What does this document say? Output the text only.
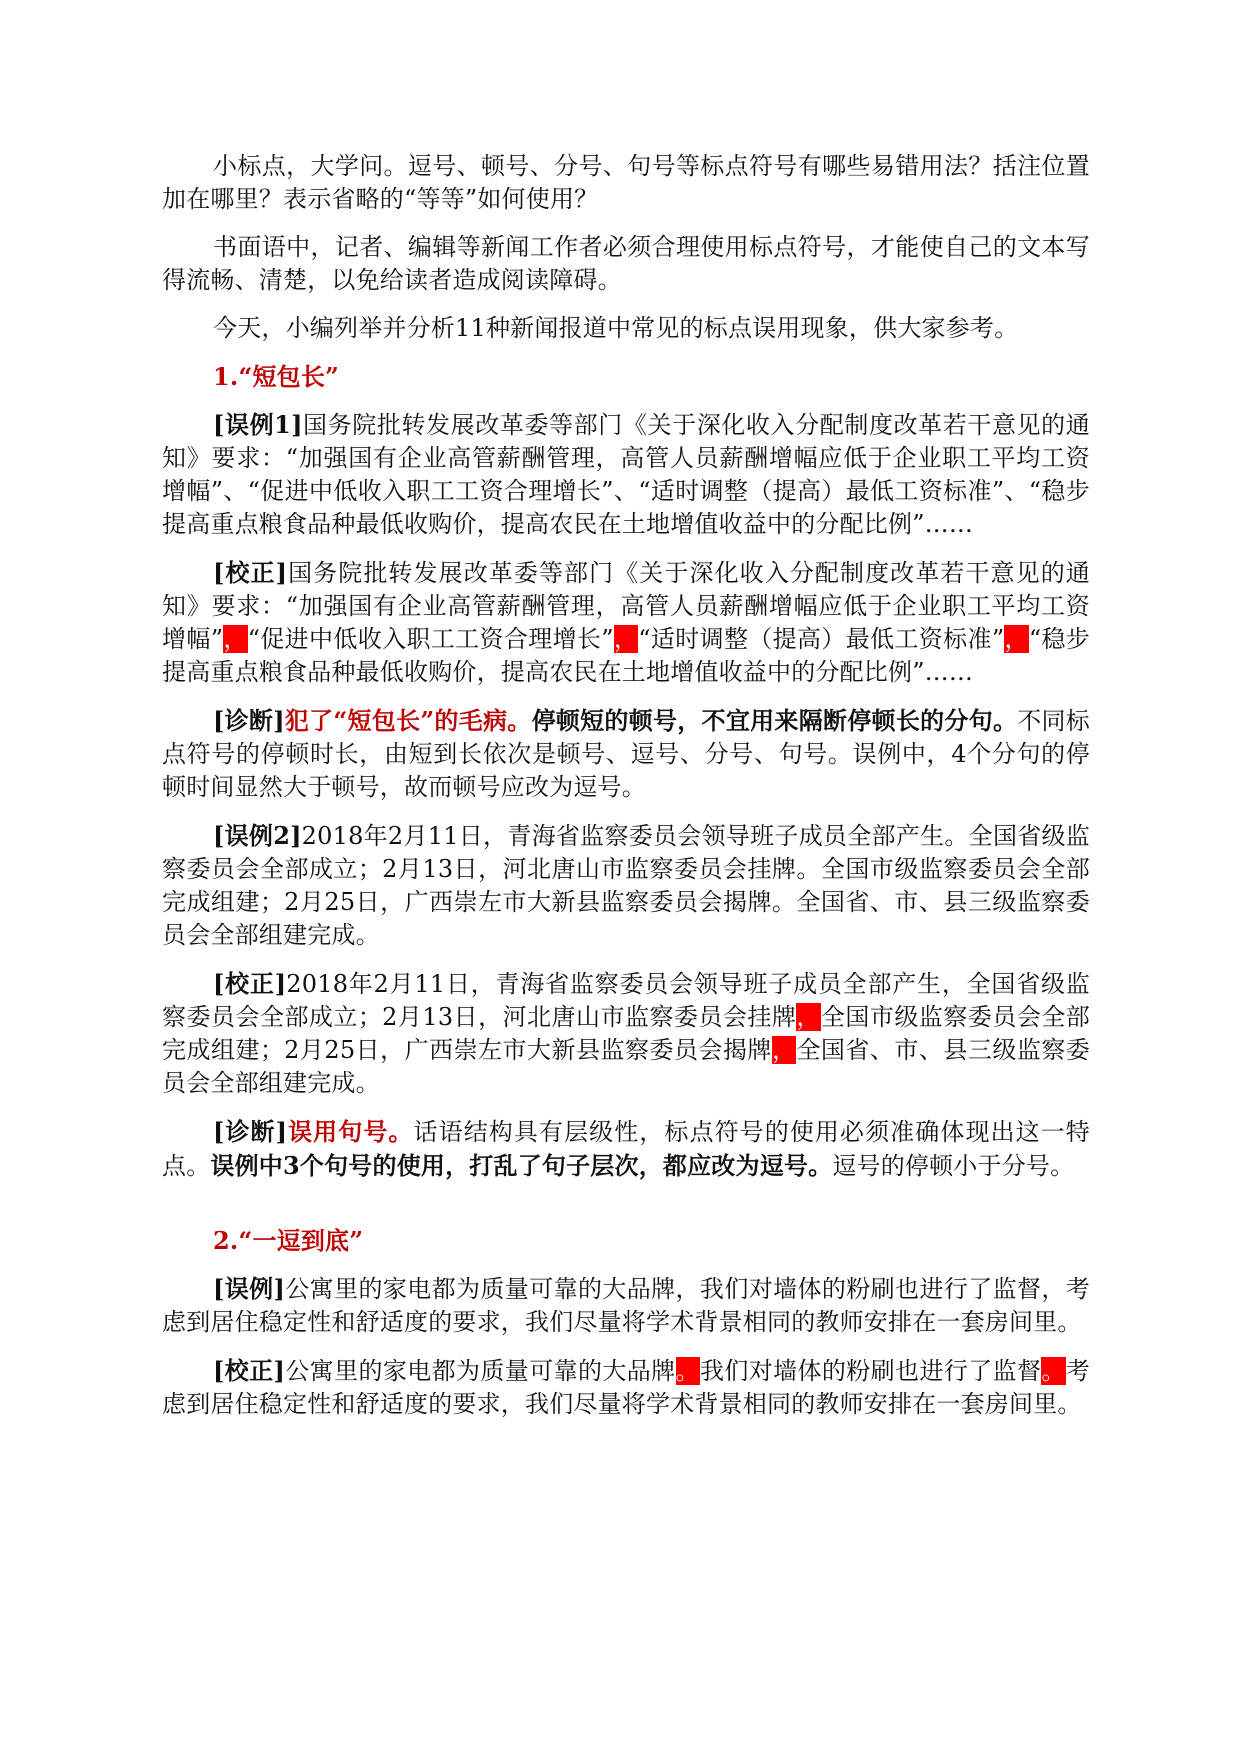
小标点，大学问。逗号、顿号、分号、句号等标点符号有哪些易错用法？括注位置加在哪里？表示省略的“等等”如何使用？

书面语中，记者、编辑等新闻工作者必须合理使用标点符号，才能使自己的文本写得流畅、清楚，以免给读者造成阅读障碍。

今天，小编列举并分析11种新闻报道中常见的标点误用现象，供大家参考。

1.“短包长”

[误例1]国务院批转发展改革委等部门《关于深化收入分配制度改革若干意见的通知》要求：“加强国有企业高管薪酬管理，高管人员薪酬增幅应低于企业职工平均工资增幅”、“促进中低收入职工工资合理增长”、“适时调整（提高）最低工资标准”、“稳步提高重点粮食品种最低收购价，提高农民在土地增值收益中的分配比例”……

[校正]国务院批转发展改革委等部门《关于深化收入分配制度改革若干意见的通知》要求：“加强国有企业高管薪酬管理，高管人员薪酬增幅应低于企业职工平均工资增幅”，“促进中低收入职工工资合理增长”，“适时调整（提高）最低工资标准”，“稳步提高重点粮食品种最低收购价，提高农民在土地增值收益中的分配比例”……

[诊断]犯了“短包长”的毛病。停顿短的顿号，不宜用来隔断停顿长的分句。不同标点符号的停顿时长，由短到长依次是顿号、逗号、分号、句号。误例中，4个分句的停顿时间显然大于顿号，故而顿号应改为逗号。

[误例2]2018年2月11日，青海省监察委员会领导班子成员全部产生。全国省级监察委员会全部成立；2月13日，河北唐山市监察委员会挂牌。全国市级监察委员会全部完成组建；2月25日，广西崇左市大新县监察委员会揭牌。全国省、市、县三级监察委员会全部组建完成。

[校正]2018年2月11日，青海省监察委员会领导班子成员全部产生，全国省级监察委员会全部成立；2月13日，河北唐山市监察委员会挂牌，全国市级监察委员会全部完成组建；2月25日，广西崇左市大新县监察委员会揭牌，全国省、市、县三级监察委员会全部组建完成。

[诊断]误用句号。话语结构具有层级性，标点符号的使用必须准确体现出这一特点。误例中3个句号的使用，打乱了句子层次，都应改为逗号。逗号的停顿小于分号。

2.“一逗到底”

[误例]公寓里的家电都为质量可靠的大品牌，我们对墙体的粉刷也进行了监督，考虑到居住稳定性和舒适度的要求，我们尽量将学术背景相同的教师安排在一套房间里。

[校正]公寓里的家电都为质量可靠的大品牌。我们对墙体的粉刷也进行了监督。考虑到居住稳定性和舒适度的要求，我们尽量将学术背景相同的教师安排在一套房间里。
